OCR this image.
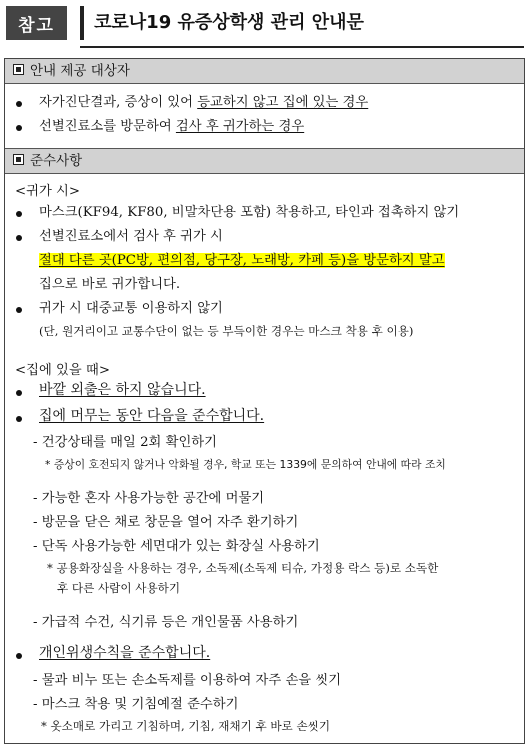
참고	코로나19 유증상학생 관리 안내문
안내 제공 대상자
자가진단결과, 증상이 있어 등교하지 않고 집에 있는 경우
선별진료소를 방문하여 검사 후 귀가하는 경우
준수사항
<귀가 시>
마스크(KF94, KF80, 비말차단용 포함) 착용하고, 타인과 접촉하지 않기
선별진료소에서 검사 후 귀가 시
절대 다른 곳(PC방, 편의점, 당구장, 노래방, 카페 등)을 방문하지 말고
집으로 바로 귀가합니다.
귀가 시 대중교통 이용하지 않기
(단, 원거리이고 교통수단이 없는 등 부득이한 경우는 마스크 착용 후 이용)
<집에 있을 때>
바깥 외출은 하지 않습니다.
집에 머무는 동안 다음을 준수합니다.
- 건강상태를 매일 2회 확인하기
* 증상이 호전되지 않거나 악화될 경우, 학교 또는 1339에 문의하여 안내에 따라 조치
- 가능한 혼자 사용가능한 공간에 머물기
- 방문을 닫은 채로 창문을 열어 자주 환기하기
- 단독 사용가능한 세면대가 있는 화장실 사용하기
* 공용화장실을 사용하는 경우, 소독제(소독제 티슈, 가정용 락스 등)로 소독한
후 다른 사람이 사용하기
- 가급적 수건, 식기류 등은 개인물품 사용하기
개인위생수칙을 준수합니다.
- 물과 비누 또는 손소독제를 이용하여 자주 손을 씻기
- 마스크 착용 및 기침예절 준수하기
* 옷소매로 가리고 기침하며, 기침, 재채기 후 바로 손씻기
